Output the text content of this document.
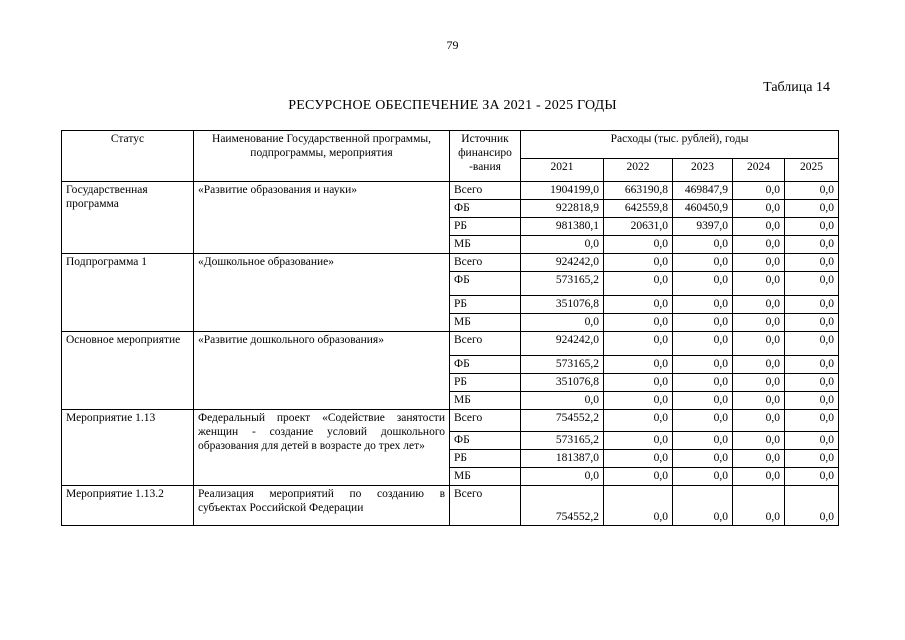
79
Таблица 14
РЕСУРСНОЕ ОБЕСПЕЧЕНИЕ ЗА 2021 - 2025 ГОДЫ
Статус	Наименование Государственной программы, подпрограммы, мероприятия	Источник финансиро -вания	Расходы (тыс. рублей), годы				
			2021	2022	2023	2024	2025
Государственная программа	«Развитие образования и науки»	Всего	1904199,0	663190,8	469847,9	0,0	0,0
		ФБ	922818,9	642559,8	460450,9	0,0	0,0
		РБ	981380,1	20631,0	9397,0	0,0	0,0
		МБ	0,0	0,0	0,0	0,0	0,0
Подпрограмма 1	«Дошкольное образование»	Всего	924242,0	0,0	0,0	0,0	0,0
		ФБ	573165,2	0,0	0,0	0,0	0,0
		РБ	351076,8	0,0	0,0	0,0	0,0
		МБ	0,0	0,0	0,0	0,0	0,0
Основное мероприятие	«Развитие дошкольного образования»	Всего	924242,0	0,0	0,0	0,0	0,0
		ФБ	573165,2	0,0	0,0	0,0	0,0
		РБ	351076,8	0,0	0,0	0,0	0,0
		МБ	0,0	0,0	0,0	0,0	0,0
Мероприятие 1.13	Федеральный проект «Содействие занятости женщин - создание условий дошкольного образования для детей в возрасте до трех лет»	Всего	754552,2	0,0	0,0	0,0	0,0
		ФБ	573165,2	0,0	0,0	0,0	0,0
		РБ	181387,0	0,0	0,0	0,0	0,0
		МБ	0,0	0,0	0,0	0,0	0,0
Мероприятие 1.13.2	Реализация мероприятий по созданию в субъектах Российской Федерации	Всего	754552,2	0,0	0,0	0,0	0,0
